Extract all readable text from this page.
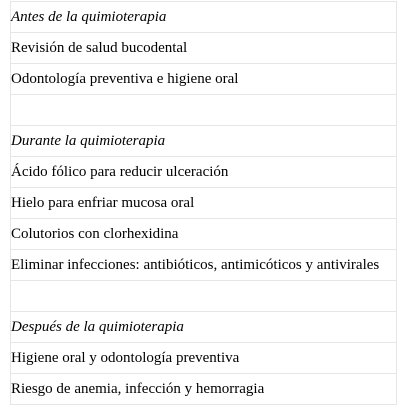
Antes de la quimioterapia
Revisión de salud bucodental
Odontología preventiva e higiene oral

Durante la quimioterapia
Ácido fólico para reducir ulceración
Hielo para enfriar mucosa oral
Colutorios con clorhexidina
Eliminar infecciones: antibióticos, antimicóticos y antivirales

Después de la quimioterapia
Higiene oral y odontología preventiva
Riesgo de anemia, infección y hemorragia
